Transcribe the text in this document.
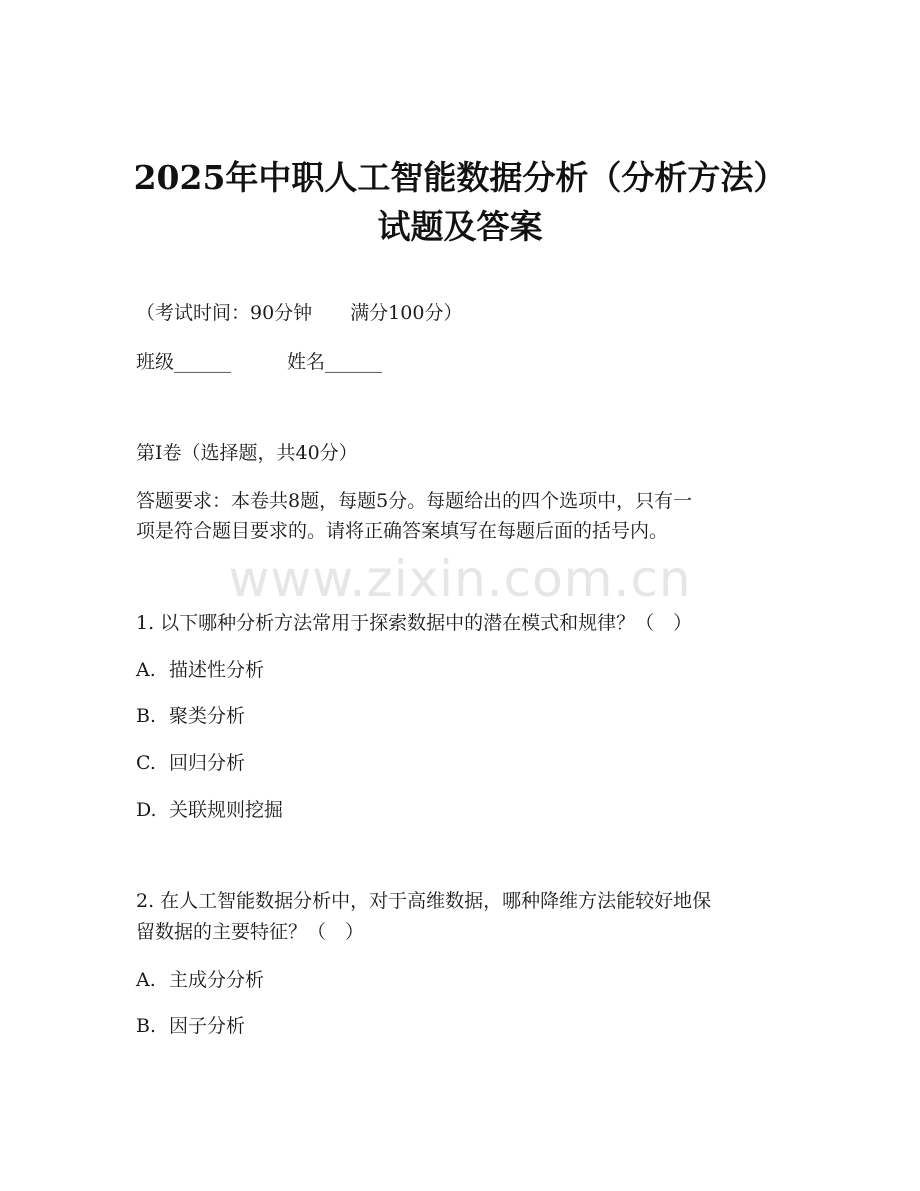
2025年中职人工智能数据分析（分析方法）
试题及答案
（考试时间：90分钟　　满分100分）
班级______	姓名______
第I卷（选择题，共40分）
答题要求：本卷共8题，每题5分。每题给出的四个选项中，只有一
项是符合题目要求的。请将正确答案填写在每题后面的括号内。
www.zixin.com.cn
1. 以下哪种分析方法常用于探索数据中的潜在模式和规律？（　）
A. 描述性分析
B. 聚类分析
C. 回归分析
D. 关联规则挖掘
2. 在人工智能数据分析中，对于高维数据，哪种降维方法能较好地保
留数据的主要特征？（　）
A. 主成分分析
B. 因子分析
